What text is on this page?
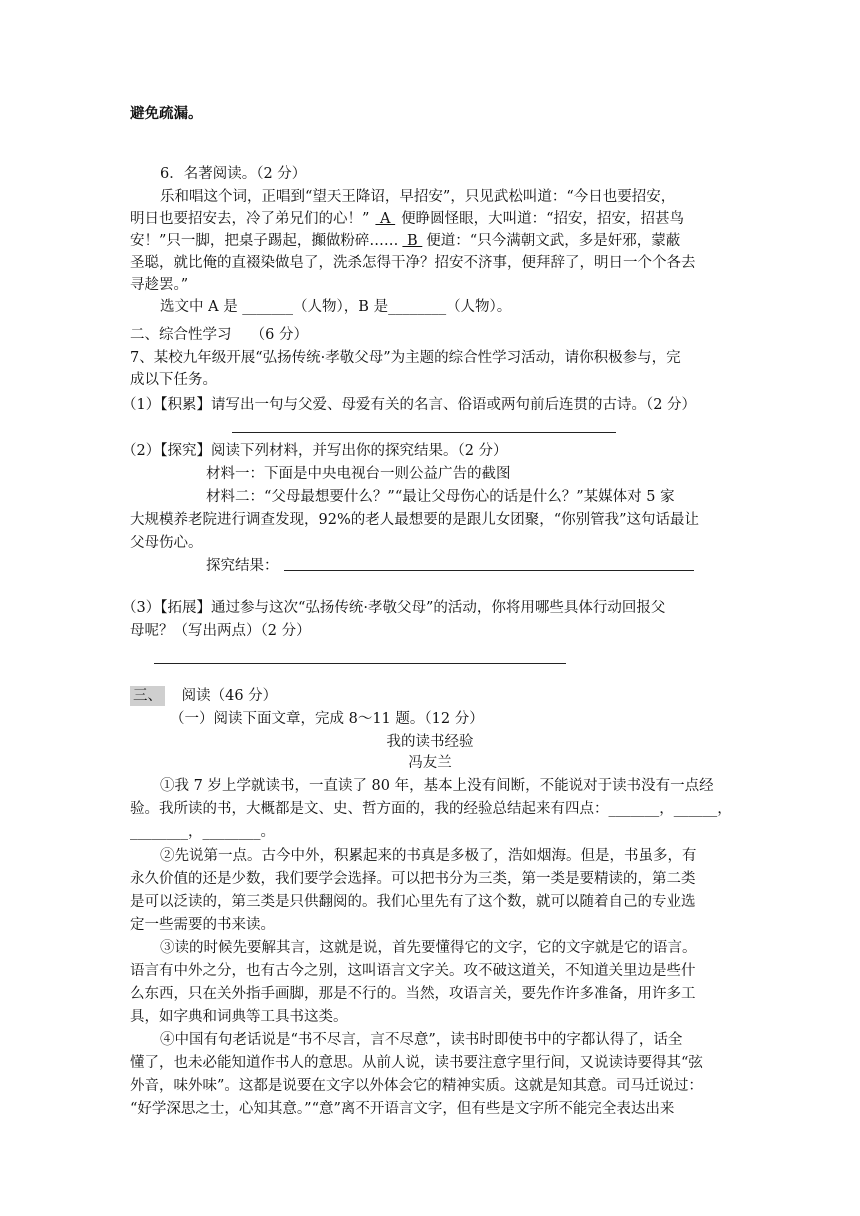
避免疏漏。
6．名著阅读。（2 分）
乐和唱这个词，正唱到“望天王降诏，早招安”，只见武松叫道：“今日也要招安，
明日也要招安去，冷了弟兄们的心！” A 便睁圆怪眼，大叫道：“招安，招安，招甚鸟
安！”只一脚，把桌子踢起，攧做粉碎…… B 便道：“只今满朝文武，多是奸邪，蒙蔽
圣聪，就比俺的直裰染做皂了，洗杀怎得干净？招安不济事，便拜辞了，明日一个个各去
寻趁罢。”
选文中 A 是 _______（人物），B 是________（人物）。
二、综合性学习　 （6 分）
7、某校九年级开展“弘扬传统·孝敬父母”为主题的综合性学习活动，请你积极参与，完
成以下任务。
（1）【积累】请写出一句与父爱、母爱有关的名言、俗语或两句前后连贯的古诗。（2 分）
（2）【探究】阅读下列材料，并写出你的探究结果。（2 分）
材料一：下面是中央电视台一则公益广告的截图
材料二：“父母最想要什么？”“最让父母伤心的话是什么？”某媒体对 5 家
大规模养老院进行调查发现，92%的老人最想要的是跟儿女团聚，“你别管我”这句话最让
父母伤心。
探究结果：
（3）【拓展】通过参与这次“弘扬传统·孝敬父母”的活动，你将用哪些具体行动回报父
母呢？（写出两点）（2 分）
三、 阅读（46 分）
（一）阅读下面文章，完成 8～11 题。（12 分）
我的读书经验
冯友兰
①我 7 岁上学就读书，一直读了 80 年，基本上没有间断，不能说对于读书没有一点经
验。我所读的书，大概都是文、史、哲方面的，我的经验总结起来有四点：_______，______，
________，________。
②先说第一点。古今中外，积累起来的书真是多极了，浩如烟海。但是，书虽多，有
永久价值的还是少数，我们要学会选择。可以把书分为三类，第一类是要精读的，第二类
是可以泛读的，第三类是只供翻阅的。我们心里先有了这个数，就可以随着自己的专业选
定一些需要的书来读。
③读的时候先要解其言，这就是说，首先要懂得它的文字，它的文字就是它的语言。
语言有中外之分，也有古今之别，这叫语言文字关。攻不破这道关，不知道关里边是些什
么东西，只在关外指手画脚，那是不行的。当然，攻语言关，要先作许多准备，用许多工
具，如字典和词典等工具书这类。
④中国有句老话说是“书不尽言，言不尽意”，读书时即使书中的字都认得了，话全
懂了，也未必能知道作书人的意思。从前人说，读书要注意字里行间，又说读诗要得其“弦
外音，味外味”。这都是说要在文字以外体会它的精神实质。这就是知其意。司马迁说过：
“好学深思之士，心知其意。”“意”离不开语言文字，但有些是文字所不能完全表达出来
